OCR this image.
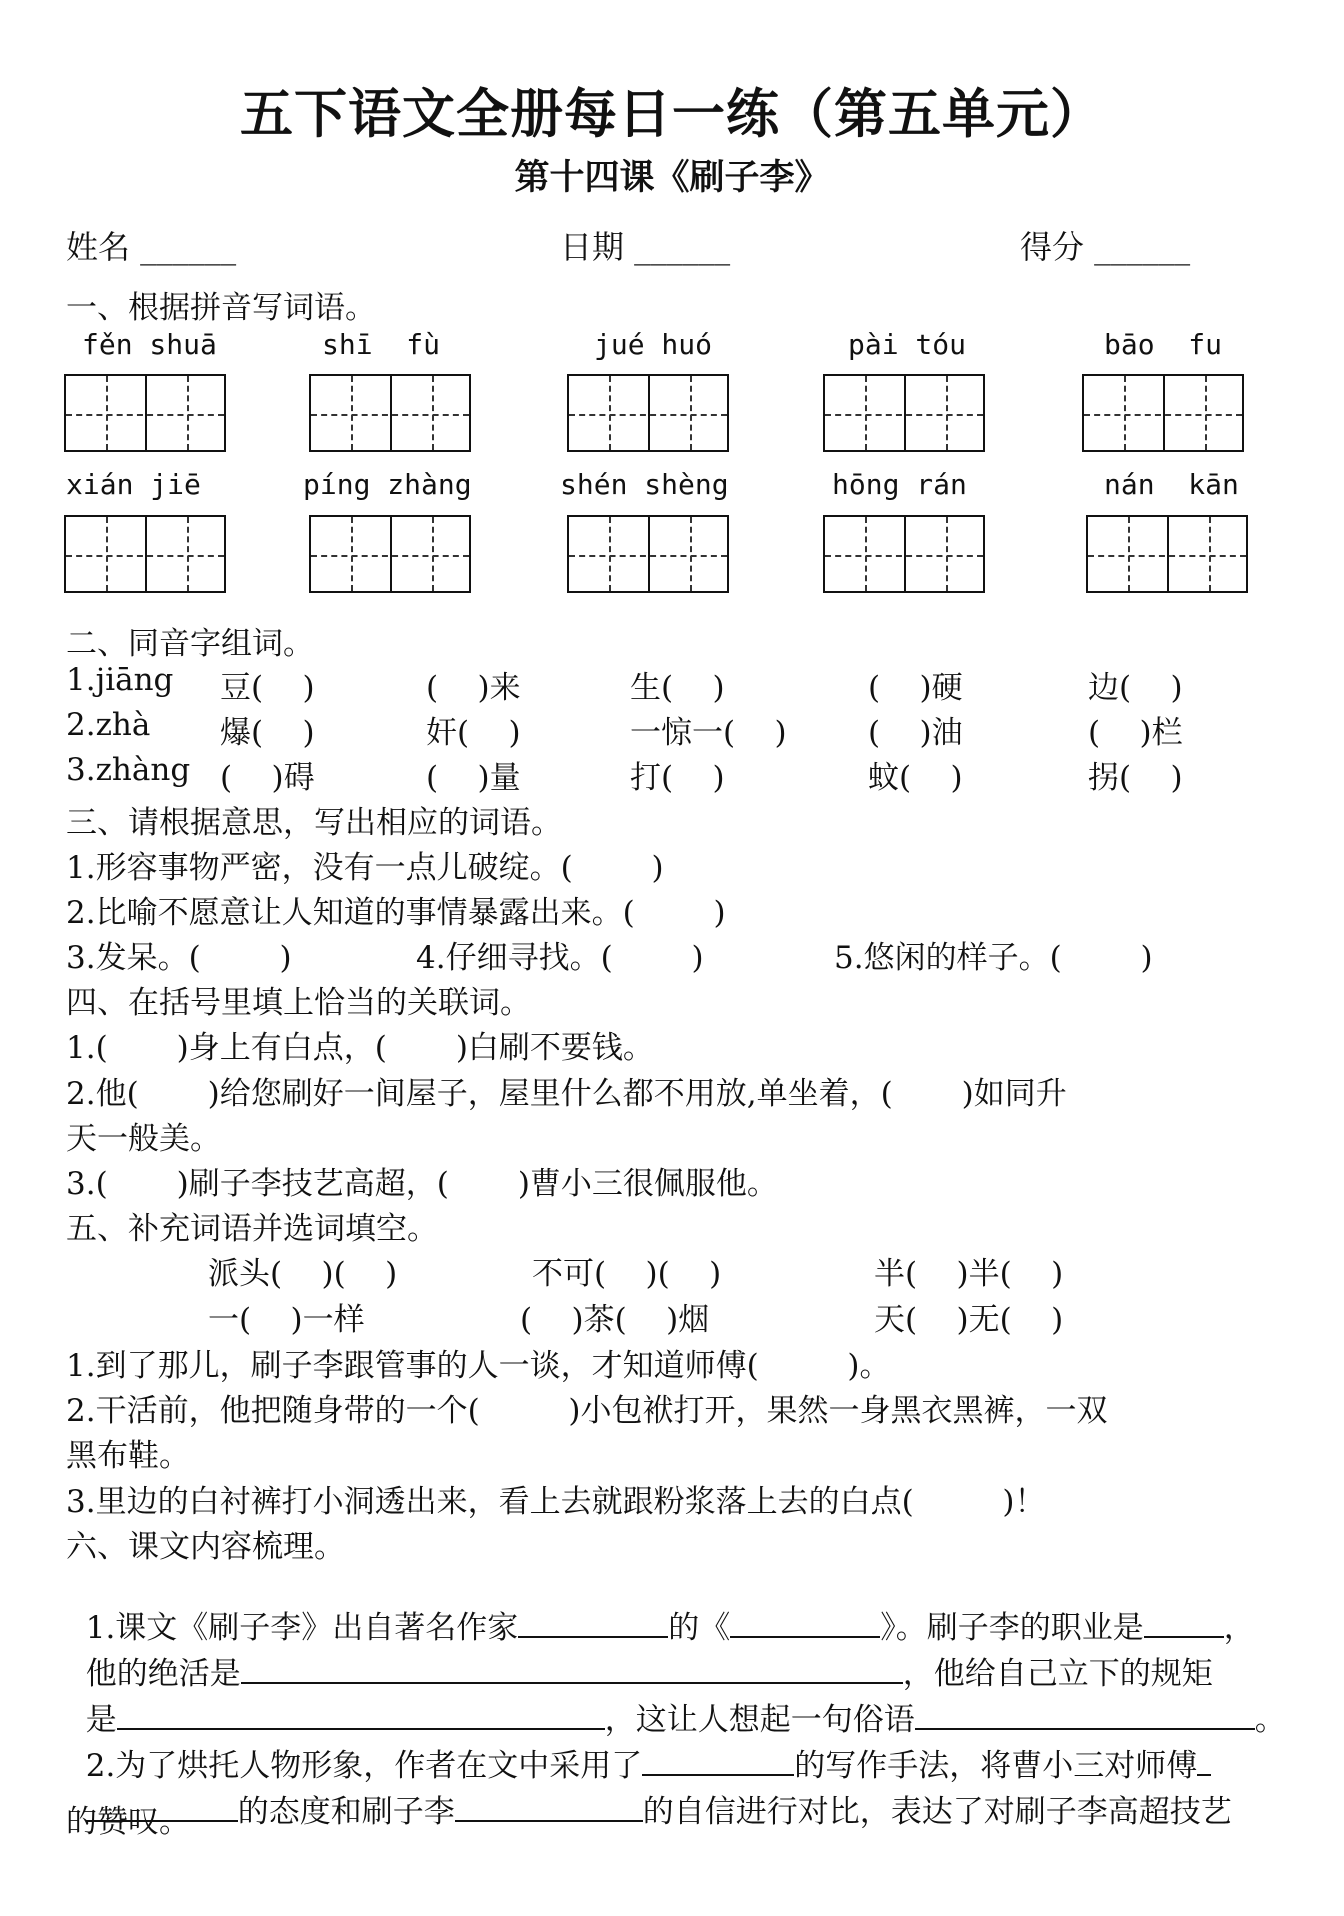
五下语文全册每日一练（第五单元）
第十四课《刷子李》
姓名 ______	日期 ______	得分 ______
一、根据拼音写词语。
fěn shuā	shī  fù	jué huó	pài tóu	bāo  fu
xián jiē	píng zhàng	shén shèng	hōng rán	nán  kān
二、同音字组词。
1.jiāng 豆(    )	(    )来	生(    )	(    )硬	边(    )
2.zhà 爆(    )	奸(    )	一惊一(    )	(    )油	(    )栏
3.zhàng (    )碍	(    )量	打(    )	蚊(    )	拐(    )
三、请根据意思，写出相应的词语。
1.形容事物严密，没有一点儿破绽。(        )
2.比喻不愿意让人知道的事情暴露出来。(        )
3.发呆。(        )	4.仔细寻找。(        )	5.悠闲的样子。(        )
四、在括号里填上恰当的关联词。
1.(       )身上有白点，(       )白刷不要钱。
2.他(       )给您刷好一间屋子，屋里什么都不用放,单坐着，(       )如同升
天一般美。
3.(       )刷子李技艺高超，(       )曹小三很佩服他。
五、补充词语并选词填空。
派头(    )(    )	不可(    )(    )	半(    )半(    )
一(    )一样	(    )茶(    )烟	天(    )无(    )
1.到了那儿，刷子李跟管事的人一谈，才知道师傅(         )。
2.干活前，他把随身带的一个(         )小包袱打开，果然一身黑衣黑裤，一双
黑布鞋。
3.里边的白衬裤打小洞透出来，看上去就跟粉浆落上去的白点(         )！
六、课文内容梳理。

1.课文《刷子李》出自著名作家	的《	》。刷子李的职业是	，

他的绝活是	，他给自己立下的规矩

是	，这让人想起一句俗语	。

2.为了烘托人物形象，作者在文中采用了	的写作手法，将曹小三对师傅

的态度和刷子李	的自信进行对比，表达了对刷子李高超技艺

的赞叹。
